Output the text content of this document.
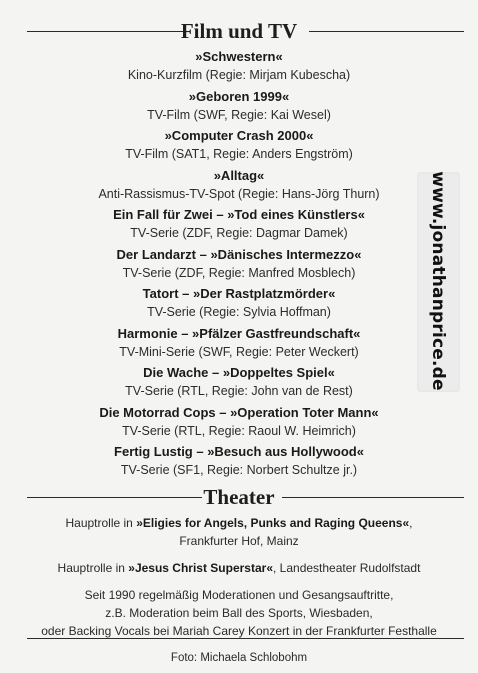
Film und TV
»Schwestern«
Kino-Kurzfilm (Regie: Mirjam Kubescha)
»Geboren 1999«
TV-Film (SWF, Regie: Kai Wesel)
»Computer Crash 2000«
TV-Film (SAT1, Regie: Anders Engström)
»Alltag«
Anti-Rassismus-TV-Spot (Regie: Hans-Jörg Thurn)
Ein Fall für Zwei – »Tod eines Künstlers«
TV-Serie (ZDF, Regie: Dagmar Damek)
Der Landarzt – »Dänisches Intermezzo«
TV-Serie (ZDF, Regie: Manfred Mosblech)
Tatort – »Der Rastplatzmörder«
TV-Serie (Regie: Sylvia Hoffman)
Harmonie – »Pfälzer Gastfreundschaft«
TV-Mini-Serie (SWF, Regie: Peter Weckert)
Die Wache – »Doppeltes Spiel«
TV-Serie (RTL, Regie: John van de Rest)
Die Motorrad Cops – »Operation Toter Mann«
TV-Serie (RTL, Regie: Raoul W. Heimrich)
Fertig Lustig – »Besuch aus Hollywood«
TV-Serie (SF1, Regie: Norbert Schultze jr.)
Theater

Hauptrolle in »Eligies for Angels, Punks and Raging Queens«,
Frankfurter Hof, Mainz

Hauptrolle in »Jesus Christ Superstar«, Landestheater Rudolfstadt

Seit 1990 regelmäßig Moderationen und Gesangsauftritte,
z.B. Moderation beim Ball des Sports, Wiesbaden,
oder Backing Vocals bei Mariah Carey Konzert in der Frankfurter Festhalle

Foto: Michaela Schlobohm
www.jonathanprice.de
